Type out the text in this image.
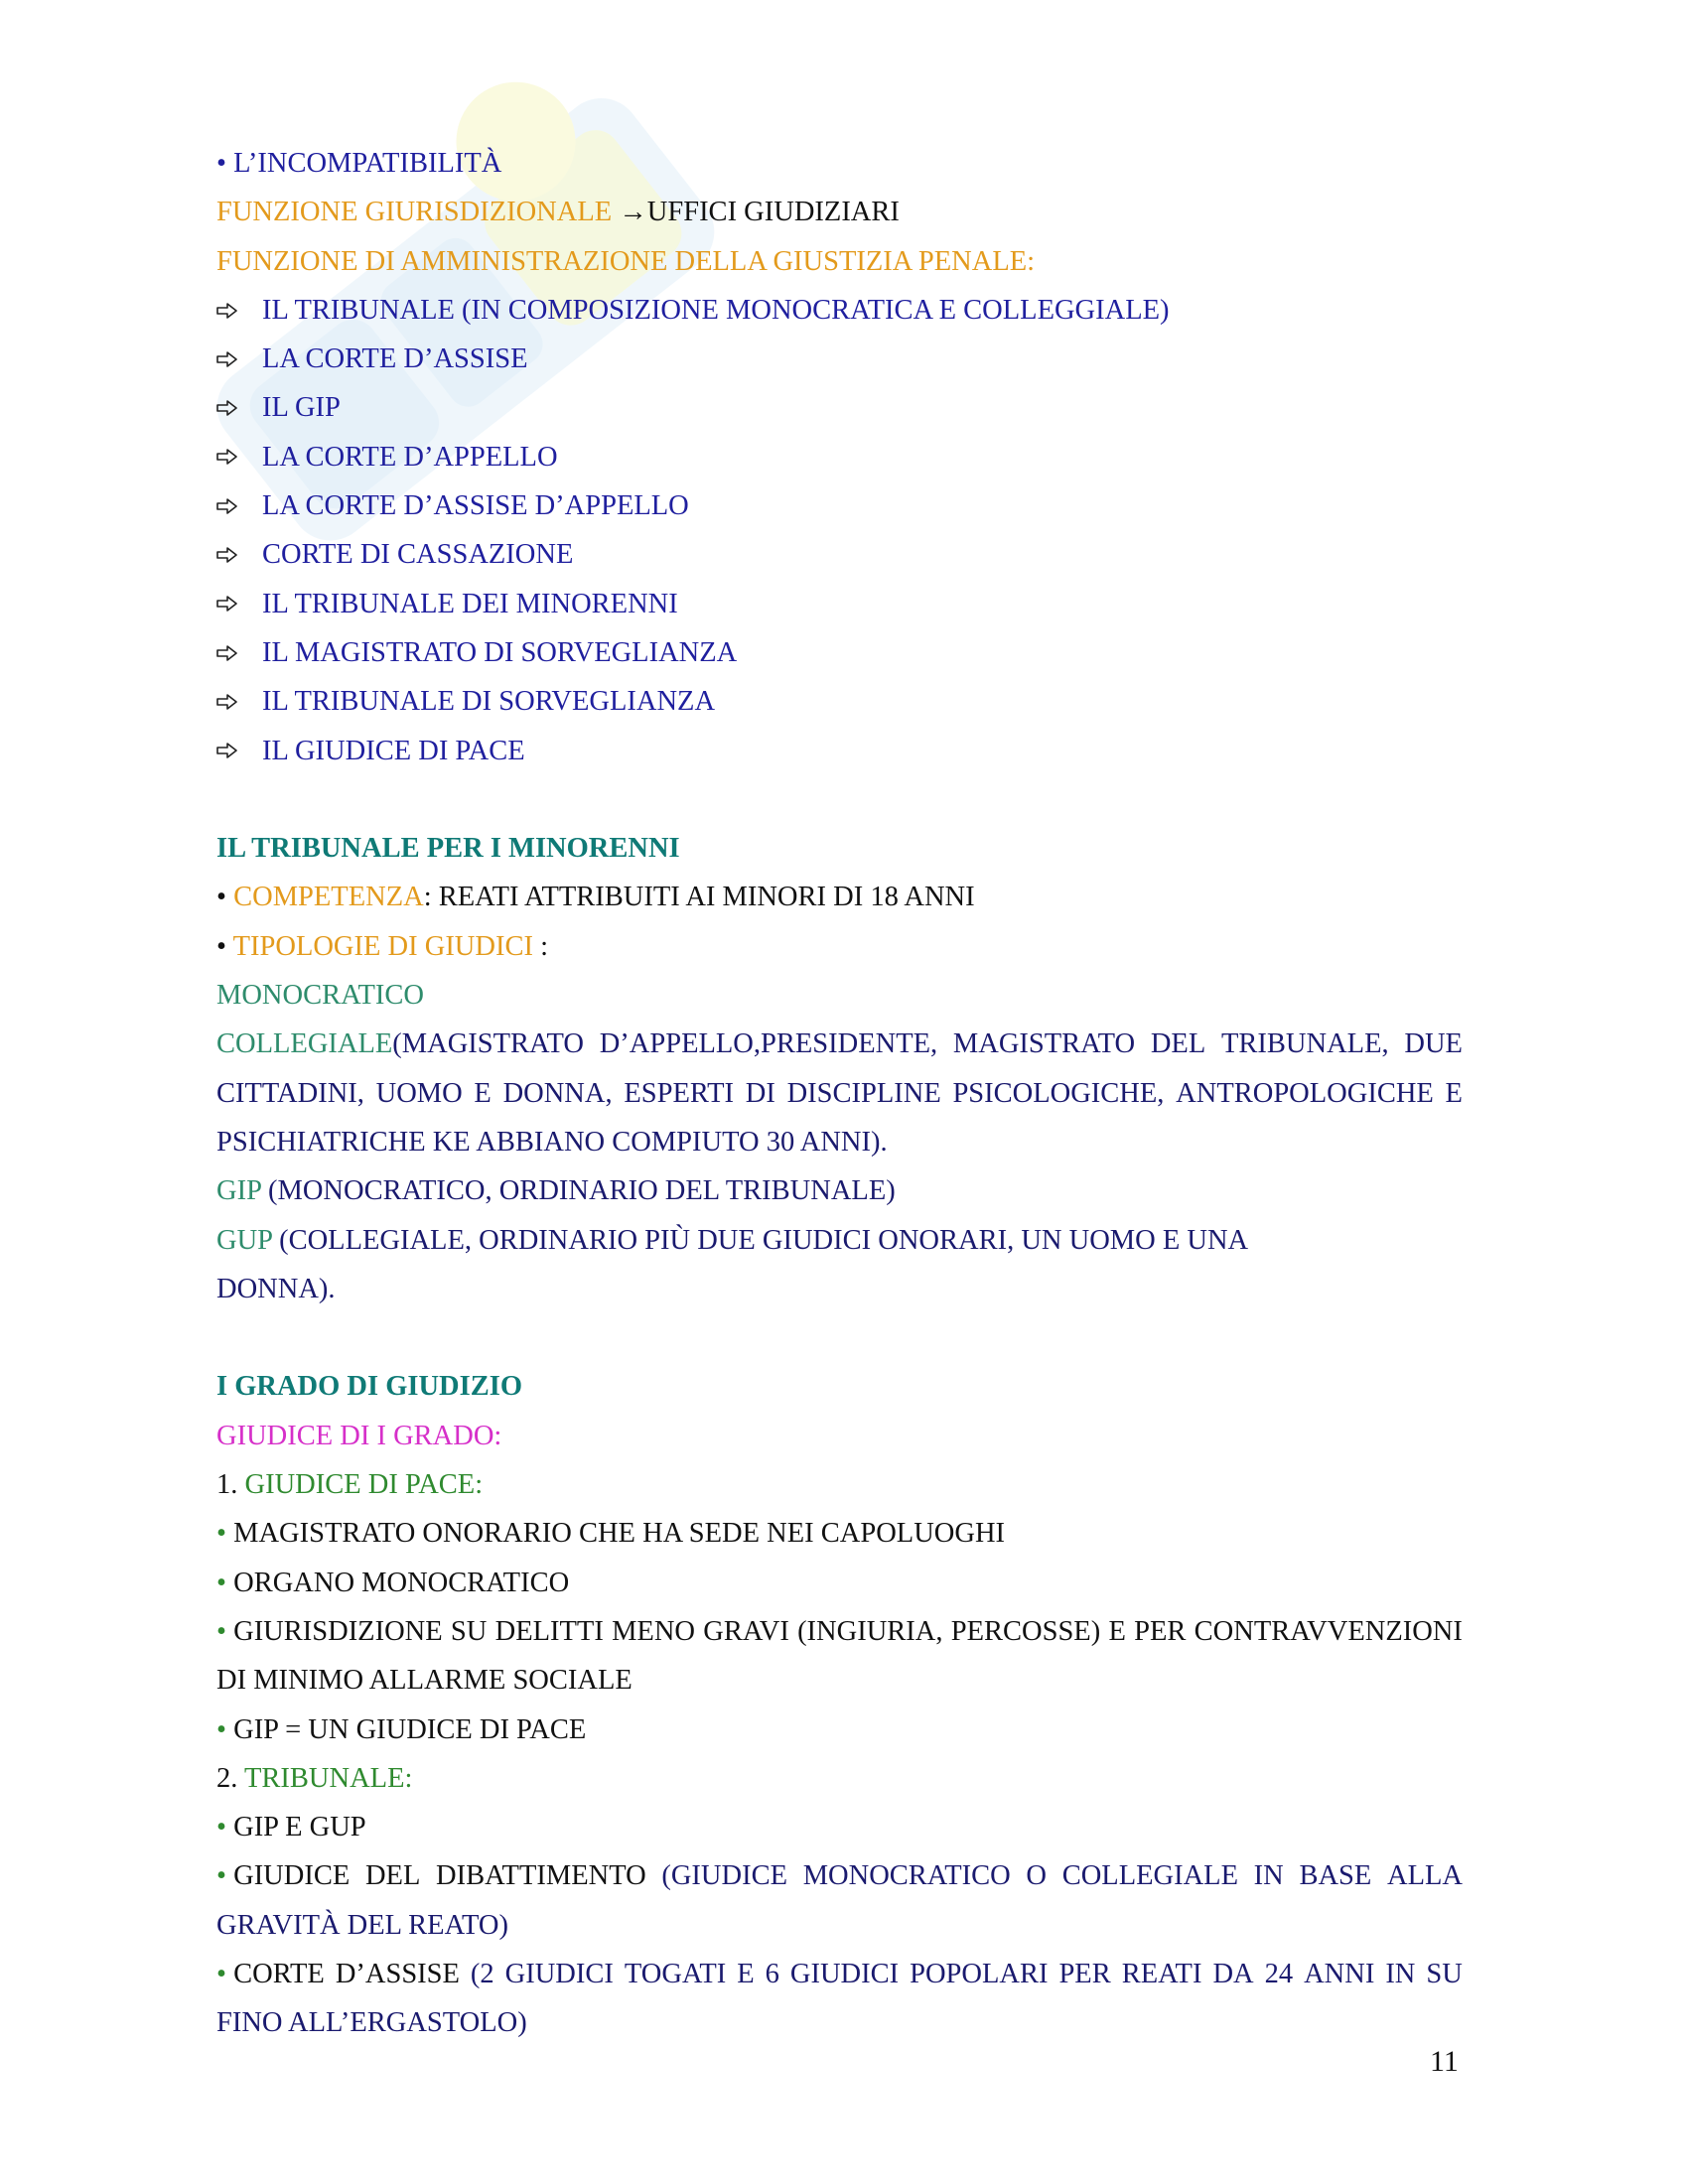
• L’INCOMPATIBILITÀ
FUNZIONE GIURISDIZIONALE →UFFICI GIUDIZIARI
FUNZIONE DI AMMINISTRAZIONE DELLA GIUSTIZIA PENALE:
IL TRIBUNALE (IN COMPOSIZIONE MONOCRATICA E COLLEGGIALE)
LA CORTE D’ASSISE
IL GIP
LA CORTE D’APPELLO
LA CORTE D’ASSISE D’APPELLO
CORTE DI CASSAZIONE
IL TRIBUNALE DEI MINORENNI
IL MAGISTRATO DI SORVEGLIANZA
IL TRIBUNALE DI SORVEGLIANZA
IL GIUDICE DI PACE
IL TRIBUNALE PER I MINORENNI
• COMPETENZA: REATI ATTRIBUITI AI MINORI DI 18 ANNI
• TIPOLOGIE DI GIUDICI :
MONOCRATICO
COLLEGIALE(MAGISTRATO D’APPELLO,PRESIDENTE, MAGISTRATO DEL TRIBUNALE, DUE
CITTADINI, UOMO E DONNA, ESPERTI DI DISCIPLINE PSICOLOGICHE, ANTROPOLOGICHE E
PSICHIATRICHE KE ABBIANO COMPIUTO 30 ANNI).
GIP (MONOCRATICO, ORDINARIO DEL TRIBUNALE)
GUP (COLLEGIALE, ORDINARIO PIÙ DUE GIUDICI ONORARI, UN UOMO E UNA
DONNA).
I GRADO DI GIUDIZIO
GIUDICE DI I GRADO:
1. GIUDICE DI PACE:
• MAGISTRATO ONORARIO CHE HA SEDE NEI CAPOLUOGHI
• ORGANO MONOCRATICO
• GIURISDIZIONE SU DELITTI MENO GRAVI (INGIURIA, PERCOSSE) E PER CONTRAVVENZIONI
DI MINIMO ALLARME SOCIALE
• GIP = UN GIUDICE DI PACE
2. TRIBUNALE:
• GIP E GUP
• GIUDICE DEL DIBATTIMENTO (GIUDICE MONOCRATICO O COLLEGIALE IN BASE ALLA
GRAVITÀ DEL REATO)
• CORTE D’ASSISE (2 GIUDICI TOGATI E 6 GIUDICI POPOLARI PER REATI DA 24 ANNI IN SU
FINO ALL’ERGASTOLO)
11
